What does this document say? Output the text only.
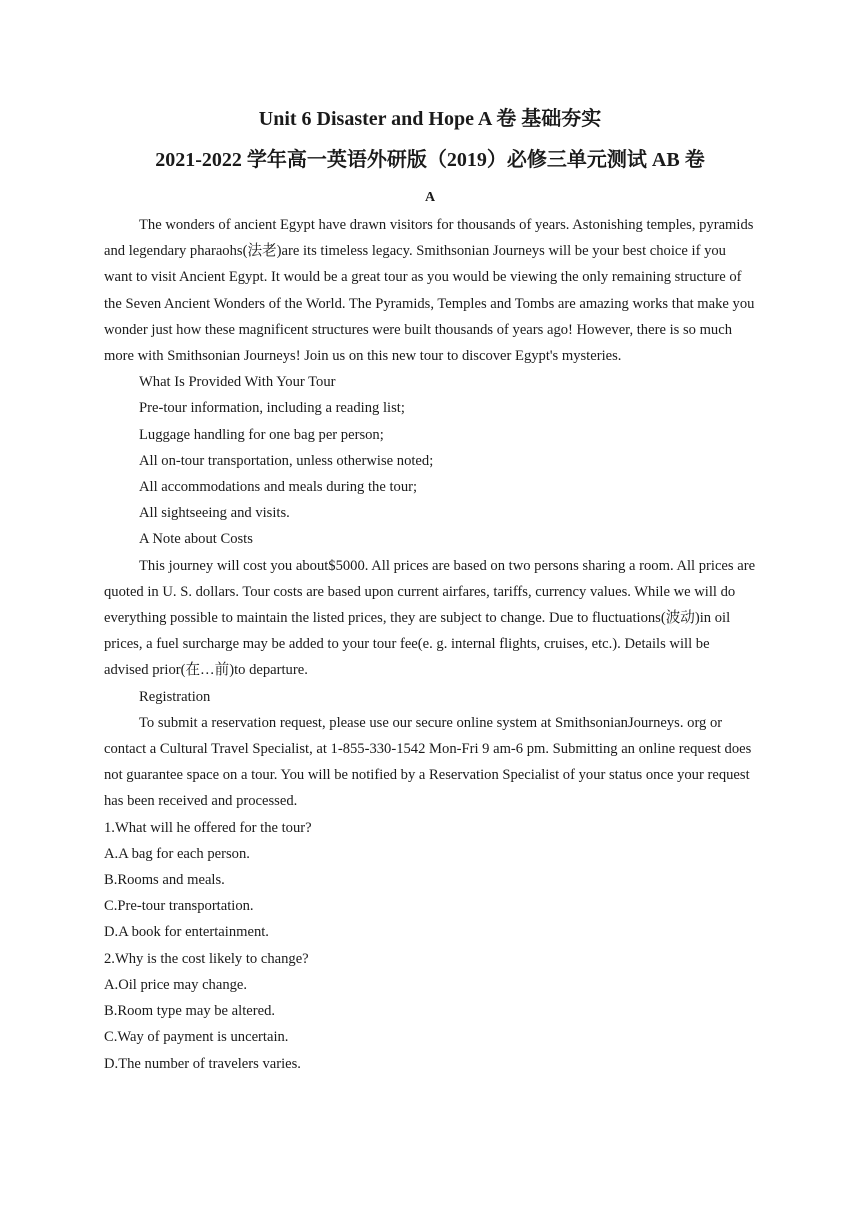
Unit 6 Disaster and Hope A 卷 基础夯实
2021-2022 学年高一英语外研版（2019）必修三单元测试 AB 卷
A

The wonders of ancient Egypt have drawn visitors for thousands of years. Astonishing temples, pyramids and legendary pharaohs(法老)are its timeless legacy. Smithsonian Journeys will be your best choice if you want to visit Ancient Egypt. It would be a great tour as you would be viewing the only remaining structure of the Seven Ancient Wonders of the World. The Pyramids, Temples and Tombs are amazing works that make you wonder just how these magnificent structures were built thousands of years ago! However, there is so much more with Smithsonian Journeys! Join us on this new tour to discover Egypt's mysteries.

What Is Provided With Your Tour

Pre-tour information, including a reading list;

Luggage handling for one bag per person;

All on-tour transportation, unless otherwise noted;

All accommodations and meals during the tour;

All sightseeing and visits.

A Note about Costs

This journey will cost you about$5000. All prices are based on two persons sharing a room. All prices are quoted in U. S. dollars. Tour costs are based upon current airfares, tariffs, currency values. While we will do everything possible to maintain the listed prices, they are subject to change. Due to fluctuations(波动)in oil prices, a fuel surcharge may be added to your tour fee(e. g. internal flights, cruises, etc.). Details will be advised prior(在…前)to departure.

Registration

To submit a reservation request, please use our secure online system at SmithsonianJourneys. org or contact a Cultural Travel Specialist, at 1-855-330-1542 Mon-Fri 9 am-6 pm. Submitting an online request does not guarantee space on a tour. You will be notified by a Reservation Specialist of your status once your request has been received and processed.

1.What will he offered for the tour?

A.A bag for each person.

B.Rooms and meals.

C.Pre-tour transportation.

D.A book for entertainment.

2.Why is the cost likely to change?

A.Oil price may change.

B.Room type may be altered.

C.Way of payment is uncertain.

D.The number of travelers varies.
